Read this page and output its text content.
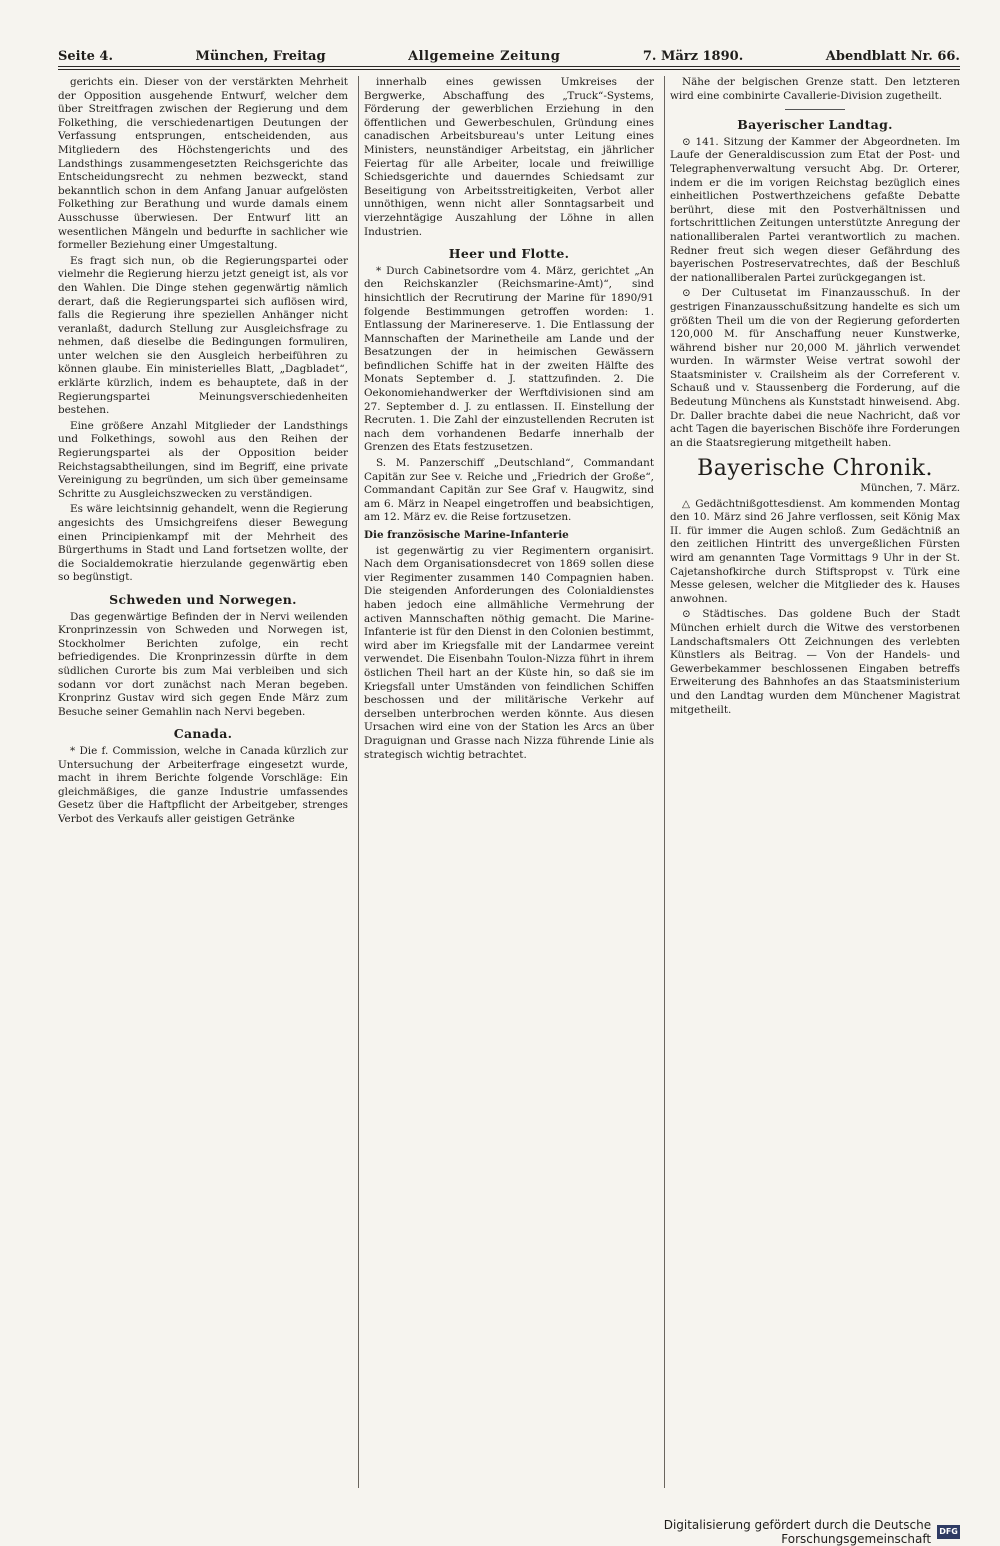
Seite 4.	München, Freitag	Allgemeine Zeitung	7. März 1890.	Abendblatt Nr. 66.

gerichts ein. Dieser von der verstärkten Mehrheit der Opposition ausgehende Entwurf, welcher dem über Streitfragen zwischen der Regierung und dem Folkething, die verschiedenartigen Deutungen der Verfassung entsprungen, entscheidenden, aus Mitgliedern des Höchstengerichts und des Landsthings zusammengesetzten Reichsgerichte das Entscheidungsrecht zu nehmen bezweckt, stand bekanntlich schon in dem Anfang Januar aufgelösten Folkething zur Berathung und wurde damals einem Ausschusse überwiesen. Der Entwurf litt an wesentlichen Mängeln und bedurfte in sachlicher wie formeller Beziehung einer Umgestaltung.

Es fragt sich nun, ob die Regierungspartei oder vielmehr die Regierung hierzu jetzt geneigt ist, als vor den Wahlen. Die Dinge stehen gegenwärtig nämlich derart, daß die Regierungspartei sich auflösen wird, falls die Regierung ihre speziellen Anhänger nicht veranlaßt, dadurch Stellung zur Ausgleichsfrage zu nehmen, daß dieselbe die Bedingungen formuliren, unter welchen sie den Ausgleich herbeiführen zu können glaube. Ein ministerielles Blatt, „Dagbladet“, erklärte kürzlich, indem es behauptete, daß in der Regierungspartei Meinungsverschiedenheiten bestehen.

Eine größere Anzahl Mitglieder der Landsthings und Folkethings, sowohl aus den Reihen der Regierungspartei als der Opposition beider Reichstagsabtheilungen, sind im Begriff, eine private Vereinigung zu begründen, um sich über gemeinsame Schritte zu Ausgleichszwecken zu verständigen.

Es wäre leichtsinnig gehandelt, wenn die Regierung angesichts des Umsichgreifens dieser Bewegung einen Principienkampf mit der Mehrheit des Bürgerthums in Stadt und Land fortsetzen wollte, der die Socialdemokratie hierzulande gegenwärtig eben so begünstigt.

Schweden und Norwegen.

Das gegenwärtige Befinden der in Nervi weilenden Kronprinzessin von Schweden und Norwegen ist, Stockholmer Berichten zufolge, ein recht befriedigendes. Die Kronprinzessin dürfte in dem südlichen Curorte bis zum Mai verbleiben und sich sodann vor dort zunächst nach Meran begeben. Kronprinz Gustav wird sich gegen Ende März zum Besuche seiner Gemahlin nach Nervi begeben.

Canada.

* Die f. Commission, welche in Canada kürzlich zur Untersuchung der Arbeiterfrage eingesetzt wurde, macht in ihrem Berichte folgende Vorschläge: Ein gleichmäßiges, die ganze Industrie umfassendes Gesetz über die Haftpflicht der Arbeitgeber, strenges Verbot des Verkaufs aller geistigen Getränke

innerhalb eines gewissen Umkreises der Bergwerke, Abschaffung des „Truck“-Systems, Förderung der gewerblichen Erziehung in den öffentlichen und Gewerbeschulen, Gründung eines canadischen Arbeitsbureau's unter Leitung eines Ministers, neunständiger Arbeitstag, ein jährlicher Feiertag für alle Arbeiter, locale und freiwillige Schiedsgerichte und dauerndes Schiedsamt zur Beseitigung von Arbeitsstreitigkeiten, Verbot aller unnöthigen, wenn nicht aller Sonntagsarbeit und vierzehntägige Auszahlung der Löhne in allen Industrien.

Heer und Flotte.

* Durch Cabinetsordre vom 4. März, gerichtet „An den Reichskanzler (Reichsmarine-Amt)“, sind hinsichtlich der Recrutirung der Marine für 1890/91 folgende Bestimmungen getroffen worden: 1. Entlassung der Marinereserve. 1. Die Entlassung der Mannschaften der Marinetheile am Lande und der Besatzungen der in heimischen Gewässern befindlichen Schiffe hat in der zweiten Hälfte des Monats September d. J. stattzufinden. 2. Die Oekonomiehandwerker der Werftdivisionen sind am 27. September d. J. zu entlassen. II. Einstellung der Recruten. 1. Die Zahl der einzustellenden Recruten ist nach dem vorhandenen Bedarfe innerhalb der Grenzen des Etats festzusetzen.

S. M. Panzerschiff „Deutschland“, Commandant Capitän zur See v. Reiche und „Friedrich der Große“, Commandant Capitän zur See Graf v. Haugwitz, sind am 6. März in Neapel eingetroffen und beabsichtigen, am 12. März ev. die Reise fortzusetzen.

Die französische Marine-Infanterie

ist gegenwärtig zu vier Regimentern organisirt. Nach dem Organisationsdecret von 1869 sollen diese vier Regimenter zusammen 140 Compagnien haben. Die steigenden Anforderungen des Colonialdienstes haben jedoch eine allmähliche Vermehrung der activen Mannschaften nöthig gemacht. Die Marine-Infanterie ist für den Dienst in den Colonien bestimmt, wird aber im Kriegsfalle mit der Landarmee vereint verwendet. Die Eisenbahn Toulon-Nizza führt in ihrem östlichen Theil hart an der Küste hin, so daß sie im Kriegsfall unter Umständen von feindlichen Schiffen beschossen und der militärische Verkehr auf derselben unterbrochen werden könnte. Aus diesen Ursachen wird eine von der Station les Arcs an über Draguignan und Grasse nach Nizza führende Linie als strategisch wichtig betrachtet.

Nähe der belgischen Grenze statt. Den letzteren wird eine combinirte Cavallerie-Division zugetheilt.

Bayerischer Landtag.

⊙ 141. Sitzung der Kammer der Abgeordneten. Im Laufe der Generaldiscussion zum Etat der Post- und Telegraphenverwaltung versucht Abg. Dr. Orterer, indem er die im vorigen Reichstag bezüglich eines einheitlichen Postwerthzeichens gefaßte Debatte berührt, diese mit den Postverhältnissen und fortschrittlichen Zeitungen unterstützte Anregung der nationalliberalen Partei verantwortlich zu machen. Redner freut sich wegen dieser Gefährdung des bayerischen Postreservatrechtes, daß der Beschluß der nationalliberalen Partei zurückgegangen ist.

⊙ Der Cultusetat im Finanzausschuß. In der gestrigen Finanzausschußsitzung handelte es sich um größten Theil um die von der Regierung geforderten 120,000 M. für Anschaffung neuer Kunstwerke, während bisher nur 20,000 M. jährlich verwendet wurden. In wärmster Weise vertrat sowohl der Staatsminister v. Crailsheim als der Correferent v. Schauß und v. Staussenberg die Forderung, auf die Bedeutung Münchens als Kunststadt hinweisend. Abg. Dr. Daller brachte dabei die neue Nachricht, daß vor acht Tagen die bayerischen Bischöfe ihre Forderungen an die Staatsregierung mitgetheilt haben.

Bayerische Chronik.

München, 7. März.

△ Gedächtnißgottesdienst. Am kommenden Montag den 10. März sind 26 Jahre verflossen, seit König Max II. für immer die Augen schloß. Zum Gedächtniß an den zeitlichen Hintritt des unvergeßlichen Fürsten wird am genannten Tage Vormittags 9 Uhr in der St. Cajetanshofkirche durch Stiftspropst v. Türk eine Messe gelesen, welcher die Mitglieder des k. Hauses anwohnen.

⊙ Städtisches. Das goldene Buch der Stadt München erhielt durch die Witwe des verstorbenen Landschaftsmalers Ott Zeichnungen des verlebten Künstlers als Beitrag. — Von der Handels- und Gewerbekammer beschlossenen Eingaben betreffs Erweiterung des Bahnhofes an das Staatsministerium und den Landtag wurden dem Münchener Magistrat mitgetheilt.

Digitalisierung gefördert durch die Deutsche Forschungsgemeinschaft
DFG
